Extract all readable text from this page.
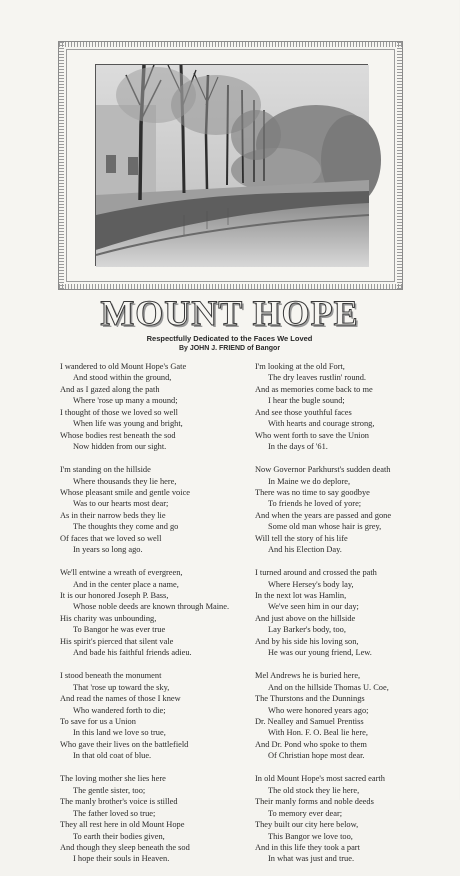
MOUNT HOPE
Respectfully Dedicated to the Faces We Loved
By JOHN J. FRIEND of Bangor
I wandered to old Mount Hope's Gate
And stood within the ground,
And as I gazed along the path
Where 'rose up many a mound;
I thought of those we loved so well
When life was young and bright,
Whose bodies rest beneath the sod
Now hidden from our sight.
I'm standing on the hillside
Where thousands they lie here,
Whose pleasant smile and gentle voice
Was to our hearts most dear;
As in their narrow beds they lie
The thoughts they come and go
Of faces that we loved so well
In years so long ago.
We'll entwine a wreath of evergreen,
And in the center place a name,
It is our honored Joseph P. Bass,
Whose noble deeds are known through Maine.
His charity was unbounding,
To Bangor he was ever true
His spirit's pierced that silent vale
And bade his faithful friends adieu.
I stood beneath the monument
That 'rose up toward the sky,
And read the names of those I knew
Who wandered forth to die;
To save for us a Union
In this land we love so true,
Who gave their lives on the battlefield
In that old coat of blue.
The loving mother she lies here
The gentle sister, too;
The manly brother's voice is stilled
The father loved so true;
They all rest here in old Mount Hope
To earth their bodies given,
And though they sleep beneath the sod
I hope their souls in Heaven.
I'm looking at the old Fort,
The dry leaves rustlin' round.
And as memories come back to me
I hear the bugle sound;
And see those youthful faces
With hearts and courage strong,
Who went forth to save the Union
In the days of '61.
Now Governor Parkhurst's sudden death
In Maine we do deplore,
There was no time to say goodbye
To friends he loved of yore;
And when the years are passed and gone
Some old man whose hair is grey,
Will tell the story of his life
And his Election Day.
I turned around and crossed the path
Where Hersey's body lay,
In the next lot was Hamlin,
We've seen him in our day;
And just above on the hillside
Lay Barker's body, too,
And by his side his loving son,
He was our young friend, Lew.
Mel Andrews he is buried here,
And on the hillside Thomas U. Coe,
The Thurstons and the Dunnings
Who were honored years ago;
Dr. Nealley and Samuel Prentiss
With Hon. F. O. Beal lie here,
And Dr. Pond who spoke to them
Of Christian hope most dear.
In old Mount Hope's most sacred earth
The old stock they lie here,
Their manly forms and noble deeds
To memory ever dear;
They built our city here below,
This Bangor we love too,
And in this life they took a part
In what was just and true.
